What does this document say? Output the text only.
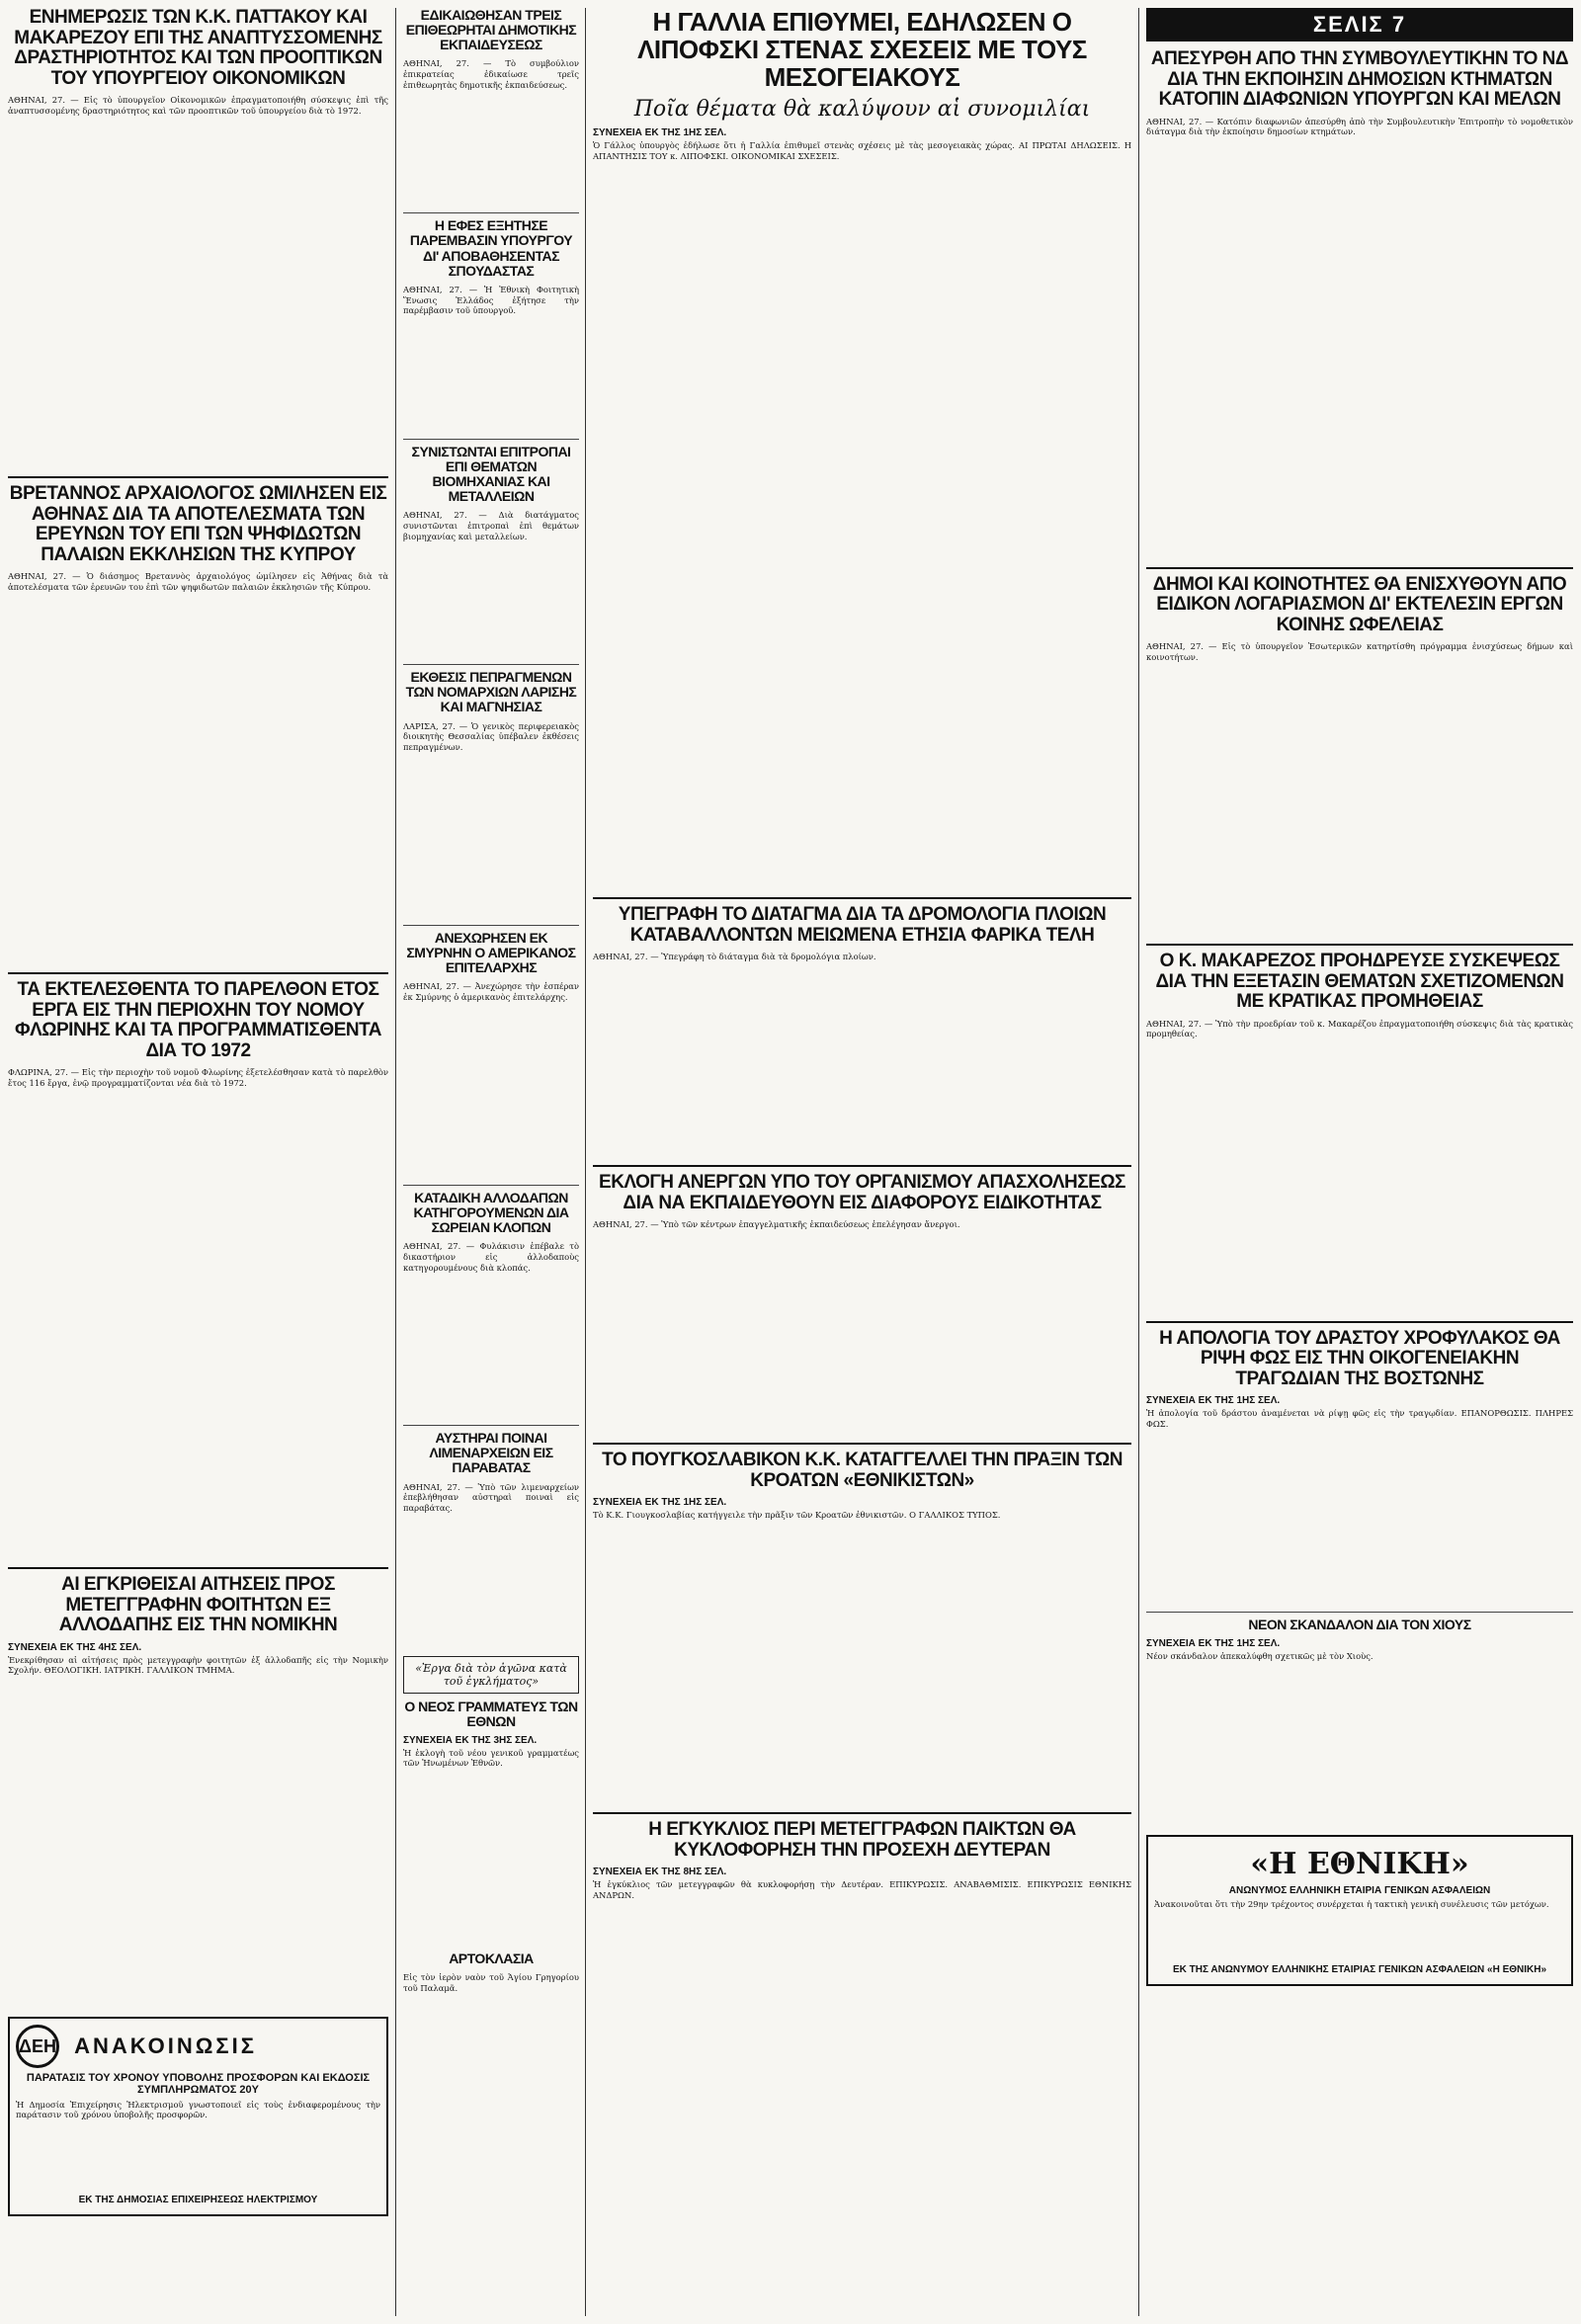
ΕΝΗΜΕΡΩΣΙΣ ΤΩΝ Κ.Κ. ΠΑΤΤΑΚΟΥ ΚΑΙ ΜΑΚΑΡΕΖΟΥ ΕΠΙ ΤΗΣ ΑΝΑΠΤΥΣΣΟΜΕΝΗΣ ΔΡΑΣΤΗΡΙΟΤΗΤΟΣ ΚΑΙ ΤΩΝ ΠΡΟΟΠΤΙΚΩΝ ΤΟΥ ΥΠΟΥΡΓΕΙΟΥ ΟΙΚΟΝΟΜΙΚΩΝ

ΑΘΗΝΑΙ, 27. — Εἰς τὸ ὑπουργεῖον Οἰκονομικῶν ἐπραγματοποιήθη σύσκεψις ἐπὶ τῆς ἀναπτυσσομένης δραστηριότητος καὶ τῶν προοπτικῶν τοῦ ὑπουργείου διὰ τὸ 1972.

ΒΡΕΤΑΝΝΟΣ ΑΡΧΑΙΟΛΟΓΟΣ ΩΜΙΛΗΣΕΝ ΕΙΣ ΑΘΗΝΑΣ ΔΙΑ ΤΑ ΑΠΟΤΕΛΕΣΜΑΤΑ ΤΩΝ ΕΡΕΥΝΩΝ ΤΟΥ ΕΠΙ ΤΩΝ ΨΗΦΙΔΩΤΩΝ ΠΑΛΑΙΩΝ ΕΚΚΛΗΣΙΩΝ ΤΗΣ ΚΥΠΡΟΥ

ΑΘΗΝΑΙ, 27. — Ὁ διάσημος Βρεταννὸς ἀρχαιολόγος ὡμίλησεν εἰς Ἀθήνας διὰ τὰ ἀποτελέσματα τῶν ἐρευνῶν του ἐπὶ τῶν ψηφιδωτῶν παλαιῶν ἐκκλησιῶν τῆς Κύπρου.

ΤΑ ΕΚΤΕΛΕΣΘΕΝΤΑ ΤΟ ΠΑΡΕΛΘΟΝ ΕΤΟΣ ΕΡΓΑ ΕΙΣ ΤΗΝ ΠΕΡΙΟΧΗΝ ΤΟΥ ΝΟΜΟΥ ΦΛΩΡΙΝΗΣ ΚΑΙ ΤΑ ΠΡΟΓΡΑΜΜΑΤΙΣΘΕΝΤΑ ΔΙΑ ΤΟ 1972

ΦΛΩΡΙΝΑ, 27. — Εἰς τὴν περιοχὴν τοῦ νομοῦ Φλωρίνης ἐξετελέσθησαν κατὰ τὸ παρελθὸν ἔτος 116 ἔργα, ἐνῷ προγραμματίζονται νέα διὰ τὸ 1972.

ΑΙ ΕΓΚΡΙΘΕΙΣΑΙ ΑΙΤΗΣΕΙΣ ΠΡΟΣ ΜΕΤΕΓΓΡΑΦΗΝ ΦΟΙΤΗΤΩΝ ΕΞ ΑΛΛΟΔΑΠΗΣ ΕΙΣ ΤΗΝ ΝΟΜΙΚΗΝ
ΣΥΝΕΧΕΙΑ ΕΚ ΤΗΣ 4ΗΣ ΣΕΛ.

Ἐνεκρίθησαν αἱ αἰτήσεις πρὸς μετεγγραφὴν φοιτητῶν ἐξ ἀλλοδαπῆς εἰς τὴν Νομικὴν Σχολήν. ΘΕΟΛΟΓΙΚΗ. ΙΑΤΡΙΚΗ. ΓΑΛΛΙΚΟΝ ΤΜΗΜΑ.

ΔΕΗ ΑΝΑΚΟΙΝΩΣΙΣ
ΠΑΡΑΤΑΣΙΣ ΤΟΥ ΧΡΟΝΟΥ ΥΠΟΒΟΛΗΣ ΠΡΟΣΦΟΡΩΝ ΚΑΙ ΕΚΔΟΣΙΣ ΣΥΜΠΛΗΡΩΜΑΤΟΣ 20Υ

Ἡ Δημοσία Ἐπιχείρησις Ἠλεκτρισμοῦ γνωστοποιεῖ εἰς τοὺς ἐνδιαφερομένους τὴν παράτασιν τοῦ χρόνου ὑποβολῆς προσφορῶν.

ΕΚ ΤΗΣ ΔΗΜΟΣΙΑΣ ΕΠΙΧΕΙΡΗΣΕΩΣ ΗΛΕΚΤΡΙΣΜΟΥ
ΕΔΙΚΑΙΩΘΗΣΑΝ ΤΡΕΙΣ ΕΠΙΘΕΩΡΗΤΑΙ ΔΗΜΟΤΙΚΗΣ ΕΚΠΑΙΔΕΥΣΕΩΣ

ΑΘΗΝΑΙ, 27. — Τὸ συμβούλιον ἐπικρατείας ἐδικαίωσε τρεῖς ἐπιθεωρητὰς δημοτικῆς ἐκπαιδεύσεως.

Η ΕΦΕΣ ΕΞΗΤΗΣΕ ΠΑΡΕΜΒΑΣΙΝ ΥΠΟΥΡΓΟΥ ΔΙ' ΑΠΟΒΑΘΗΣΕΝΤΑΣ ΣΠΟΥΔΑΣΤΑΣ

ΑΘΗΝΑΙ, 27. — Ἡ Ἐθνικὴ Φοιτητικὴ Ἕνωσις Ἑλλάδος ἐξήτησε τὴν παρέμβασιν τοῦ ὑπουργοῦ.

ΣΥΝΙΣΤΩΝΤΑΙ ΕΠΙΤΡΟΠΑΙ ΕΠΙ ΘΕΜΑΤΩΝ ΒΙΟΜΗΧΑΝΙΑΣ ΚΑΙ ΜΕΤΑΛΛΕΙΩΝ

ΑΘΗΝΑΙ, 27. — Διὰ διατάγματος συνιστῶνται ἐπιτροπαὶ ἐπὶ θεμάτων βιομηχανίας καὶ μεταλλείων.

ΕΚΘΕΣΙΣ ΠΕΠΡΑΓΜΕΝΩΝ ΤΩΝ ΝΟΜΑΡΧΙΩΝ ΛΑΡΙΣΗΣ ΚΑΙ ΜΑΓΝΗΣΙΑΣ

ΛΑΡΙΣΑ, 27. — Ὁ γενικὸς περιφερειακὸς διοικητὴς Θεσσαλίας ὑπέβαλεν ἐκθέσεις πεπραγμένων.

ΑΝΕΧΩΡΗΣΕΝ ΕΚ ΣΜΥΡΝΗΝ Ο ΑΜΕΡΙΚΑΝΟΣ ΕΠΙΤΕΛΑΡΧΗΣ

ΑΘΗΝΑΙ, 27. — Ἀνεχώρησε τὴν ἑσπέραν ἐκ Σμύρνης ὁ ἀμερικανὸς ἐπιτελάρχης.

ΚΑΤΑΔΙΚΗ ΑΛΛΟΔΑΠΩΝ ΚΑΤΗΓΟΡΟΥΜΕΝΩΝ ΔΙΑ ΣΩΡΕΙΑΝ ΚΛΟΠΩΝ

ΑΘΗΝΑΙ, 27. — Φυλάκισιν ἐπέβαλε τὸ δικαστήριον εἰς ἀλλοδαποὺς κατηγορουμένους διὰ κλοπάς.

ΑΥΣΤΗΡΑΙ ΠΟΙΝΑΙ ΛΙΜΕΝΑΡΧΕΙΩΝ ΕΙΣ ΠΑΡΑΒΑΤΑΣ

ΑΘΗΝΑΙ, 27. — Ὑπὸ τῶν λιμεναρχείων ἐπεβλήθησαν αὐστηραὶ ποιναὶ εἰς παραβάτας.

«Ἐργα διὰ τὸν ἀγῶνα κατὰ τοῦ ἐγκλήματος»
Ο ΝΕΟΣ ΓΡΑΜΜΑΤΕΥΣ ΤΩΝ ΕΘΝΩΝ
ΣΥΝΕΧΕΙΑ ΕΚ ΤΗΣ 3ΗΣ ΣΕΛ.

Ἡ ἐκλογὴ τοῦ νέου γενικοῦ γραμματέως τῶν Ἡνωμένων Ἐθνῶν.

ΑΡΤΟΚΛΑΣΙΑ

Εἰς τὸν ἱερὸν ναὸν τοῦ Ἁγίου Γρηγορίου τοῦ Παλαμᾶ.

Η ΓΑΛΛΙΑ ΕΠΙΘΥΜΕΙ, ΕΔΗΛΩΣΕΝ Ο ΛΙΠΟΦΣΚΙ ΣΤΕΝΑΣ ΣΧΕΣΕΙΣ ΜΕ ΤΟΥΣ ΜΕΣΟΓΕΙΑΚΟΥΣ
Ποῖα θέματα θὰ καλύψουν αἱ συνομιλίαι
ΣΥΝΕΧΕΙΑ ΕΚ ΤΗΣ 1ΗΣ ΣΕΛ.

Ὁ Γάλλος ὑπουργὸς ἐδήλωσε ὅτι ἡ Γαλλία ἐπιθυμεῖ στενὰς σχέσεις μὲ τὰς μεσογειακὰς χώρας. ΑΙ ΠΡΩΤΑΙ ΔΗΛΩΣΕΙΣ. Η ΑΠΑΝΤΗΣΙΣ ΤΟΥ κ. ΛΙΠΟΦΣΚΙ. ΟΙΚΟΝΟΜΙΚΑΙ ΣΧΕΣΕΙΣ.

ΥΠΕΓΡΑΦΗ ΤΟ ΔΙΑΤΑΓΜΑ ΔΙΑ ΤΑ ΔΡΟΜΟΛΟΓΙΑ ΠΛΟΙΩΝ ΚΑΤΑΒΑΛΛΟΝΤΩΝ ΜΕΙΩΜΕΝΑ ΕΤΗΣΙΑ ΦΑΡΙΚΑ ΤΕΛΗ

ΑΘΗΝΑΙ, 27. — Ὑπεγράφη τὸ διάταγμα διὰ τὰ δρομολόγια πλοίων.

ΕΚΛΟΓΗ ΑΝΕΡΓΩΝ ΥΠΟ ΤΟΥ ΟΡΓΑΝΙΣΜΟΥ ΑΠΑΣΧΟΛΗΣΕΩΣ ΔΙΑ ΝΑ ΕΚΠΑΙΔΕΥΘΟΥΝ ΕΙΣ ΔΙΑΦΟΡΟΥΣ ΕΙΔΙΚΟΤΗΤΑΣ

ΑΘΗΝΑΙ, 27. — Ὑπὸ τῶν κέντρων ἐπαγγελματικῆς ἐκπαιδεύσεως ἐπελέγησαν ἄνεργοι.

ΤΟ ΠΟΥΓΚΟΣΛΑΒΙΚΟΝ Κ.Κ. ΚΑΤΑΓΓΕΛΛΕΙ ΤΗΝ ΠΡΑΞΙΝ ΤΩΝ ΚΡΟΑΤΩΝ «ΕΘΝΙΚΙΣΤΩΝ»
ΣΥΝΕΧΕΙΑ ΕΚ ΤΗΣ 1ΗΣ ΣΕΛ.

Τὸ Κ.Κ. Γιουγκοσλαβίας κατήγγειλε τὴν πρᾶξιν τῶν Κροατῶν ἐθνικιστῶν. Ο ΓΑΛΛΙΚΟΣ ΤΥΠΟΣ.

Η ΕΓΚΥΚΛΙΟΣ ΠΕΡΙ ΜΕΤΕΓΓΡΑΦΩΝ ΠΑΙΚΤΩΝ ΘΑ ΚΥΚΛΟΦΟΡΗΣΗ ΤΗΝ ΠΡΟΣΕΧΗ ΔΕΥΤΕΡΑΝ
ΣΥΝΕΧΕΙΑ ΕΚ ΤΗΣ 8ΗΣ ΣΕΛ.

Ἡ ἐγκύκλιος τῶν μετεγγραφῶν θὰ κυκλοφορήσῃ τὴν Δευτέραν. ΕΠΙΚΥΡΩΣΙΣ. ΑΝΑΒΑΘΜΙΣΙΣ. ΕΠΙΚΥΡΩΣΙΣ ΕΘΝΙΚΗΣ ΑΝΔΡΩΝ.

ΣΕΛΙΣ 7
ΑΠΕΣΥΡΘΗ ΑΠΟ ΤΗΝ ΣΥΜΒΟΥΛΕΥΤΙΚΗΝ ΤΟ ΝΔ ΔΙΑ ΤΗΝ ΕΚΠΟΙΗΣΙΝ ΔΗΜΟΣΙΩΝ ΚΤΗΜΑΤΩΝ ΚΑΤΟΠΙΝ ΔΙΑΦΩΝΙΩΝ ΥΠΟΥΡΓΩΝ ΚΑΙ ΜΕΛΩΝ

ΑΘΗΝΑΙ, 27. — Κατόπιν διαφωνιῶν ἀπεσύρθη ἀπὸ τὴν Συμβουλευτικὴν Ἐπιτροπὴν τὸ νομοθετικὸν διάταγμα διὰ τὴν ἐκποίησιν δημοσίων κτημάτων.

ΔΗΜΟΙ ΚΑΙ ΚΟΙΝΟΤΗΤΕΣ ΘΑ ΕΝΙΣΧΥΘΟΥΝ ΑΠΟ ΕΙΔΙΚΟΝ ΛΟΓΑΡΙΑΣΜΟΝ ΔΙ' ΕΚΤΕΛΕΣΙΝ ΕΡΓΩΝ ΚΟΙΝΗΣ ΩΦΕΛΕΙΑΣ

ΑΘΗΝΑΙ, 27. — Εἰς τὸ ὑπουργεῖον Ἐσωτερικῶν κατηρτίσθη πρόγραμμα ἐνισχύσεως δήμων καὶ κοινοτήτων.

Ο Κ. ΜΑΚΑΡΕΖΟΣ ΠΡΟΗΔΡΕΥΣΕ ΣΥΣΚΕΨΕΩΣ ΔΙΑ ΤΗΝ ΕΞΕΤΑΣΙΝ ΘΕΜΑΤΩΝ ΣΧΕΤΙΖΟΜΕΝΩΝ ΜΕ ΚΡΑΤΙΚΑΣ ΠΡΟΜΗΘΕΙΑΣ

ΑΘΗΝΑΙ, 27. — Ὑπὸ τὴν προεδρίαν τοῦ κ. Μακαρέζου ἐπραγματοποιήθη σύσκεψις διὰ τὰς κρατικὰς προμηθείας.

Η ΑΠΟΛΟΓΙΑ ΤΟΥ ΔΡΑΣΤΟΥ ΧΡΟΦΥΛΑΚΟΣ ΘΑ ΡΙΨΗ ΦΩΣ ΕΙΣ ΤΗΝ ΟΙΚΟΓΕΝΕΙΑΚΗΝ ΤΡΑΓΩΔΙΑΝ ΤΗΣ ΒΟΣΤΩΝΗΣ
ΣΥΝΕΧΕΙΑ ΕΚ ΤΗΣ 1ΗΣ ΣΕΛ.

Ἡ ἀπολογία τοῦ δράστου ἀναμένεται νὰ ρίψῃ φῶς εἰς τὴν τραγῳδίαν. ΕΠΑΝΟΡΘΩΣΙΣ. ΠΛΗΡΕΣ ΦΩΣ.

ΝΕΟΝ ΣΚΑΝΔΑΛΟΝ ΔΙΑ ΤΟΝ ΧΙΟΥΣ
ΣΥΝΕΧΕΙΑ ΕΚ ΤΗΣ 1ΗΣ ΣΕΛ.

Νέον σκάνδαλον ἀπεκαλύφθη σχετικῶς μὲ τὸν Χιοὺς.

«Η ΕΘΝΙΚΗ»
ΑΝΩΝΥΜΟΣ ΕΛΛΗΝΙΚΗ ΕΤΑΙΡΙΑ ΓΕΝΙΚΩΝ ΑΣΦΑΛΕΙΩΝ

Ἀνακοινοῦται ὅτι τὴν 29ην τρέχοντος συνέρχεται ἡ τακτικὴ γενικὴ συνέλευσις τῶν μετόχων.

ΕΚ ΤΗΣ ΑΝΩΝΥΜΟΥ ΕΛΛΗΝΙΚΗΣ ΕΤΑΙΡΙΑΣ ΓΕΝΙΚΩΝ ΑΣΦΑΛΕΙΩΝ «Η ΕΘΝΙΚΗ»
